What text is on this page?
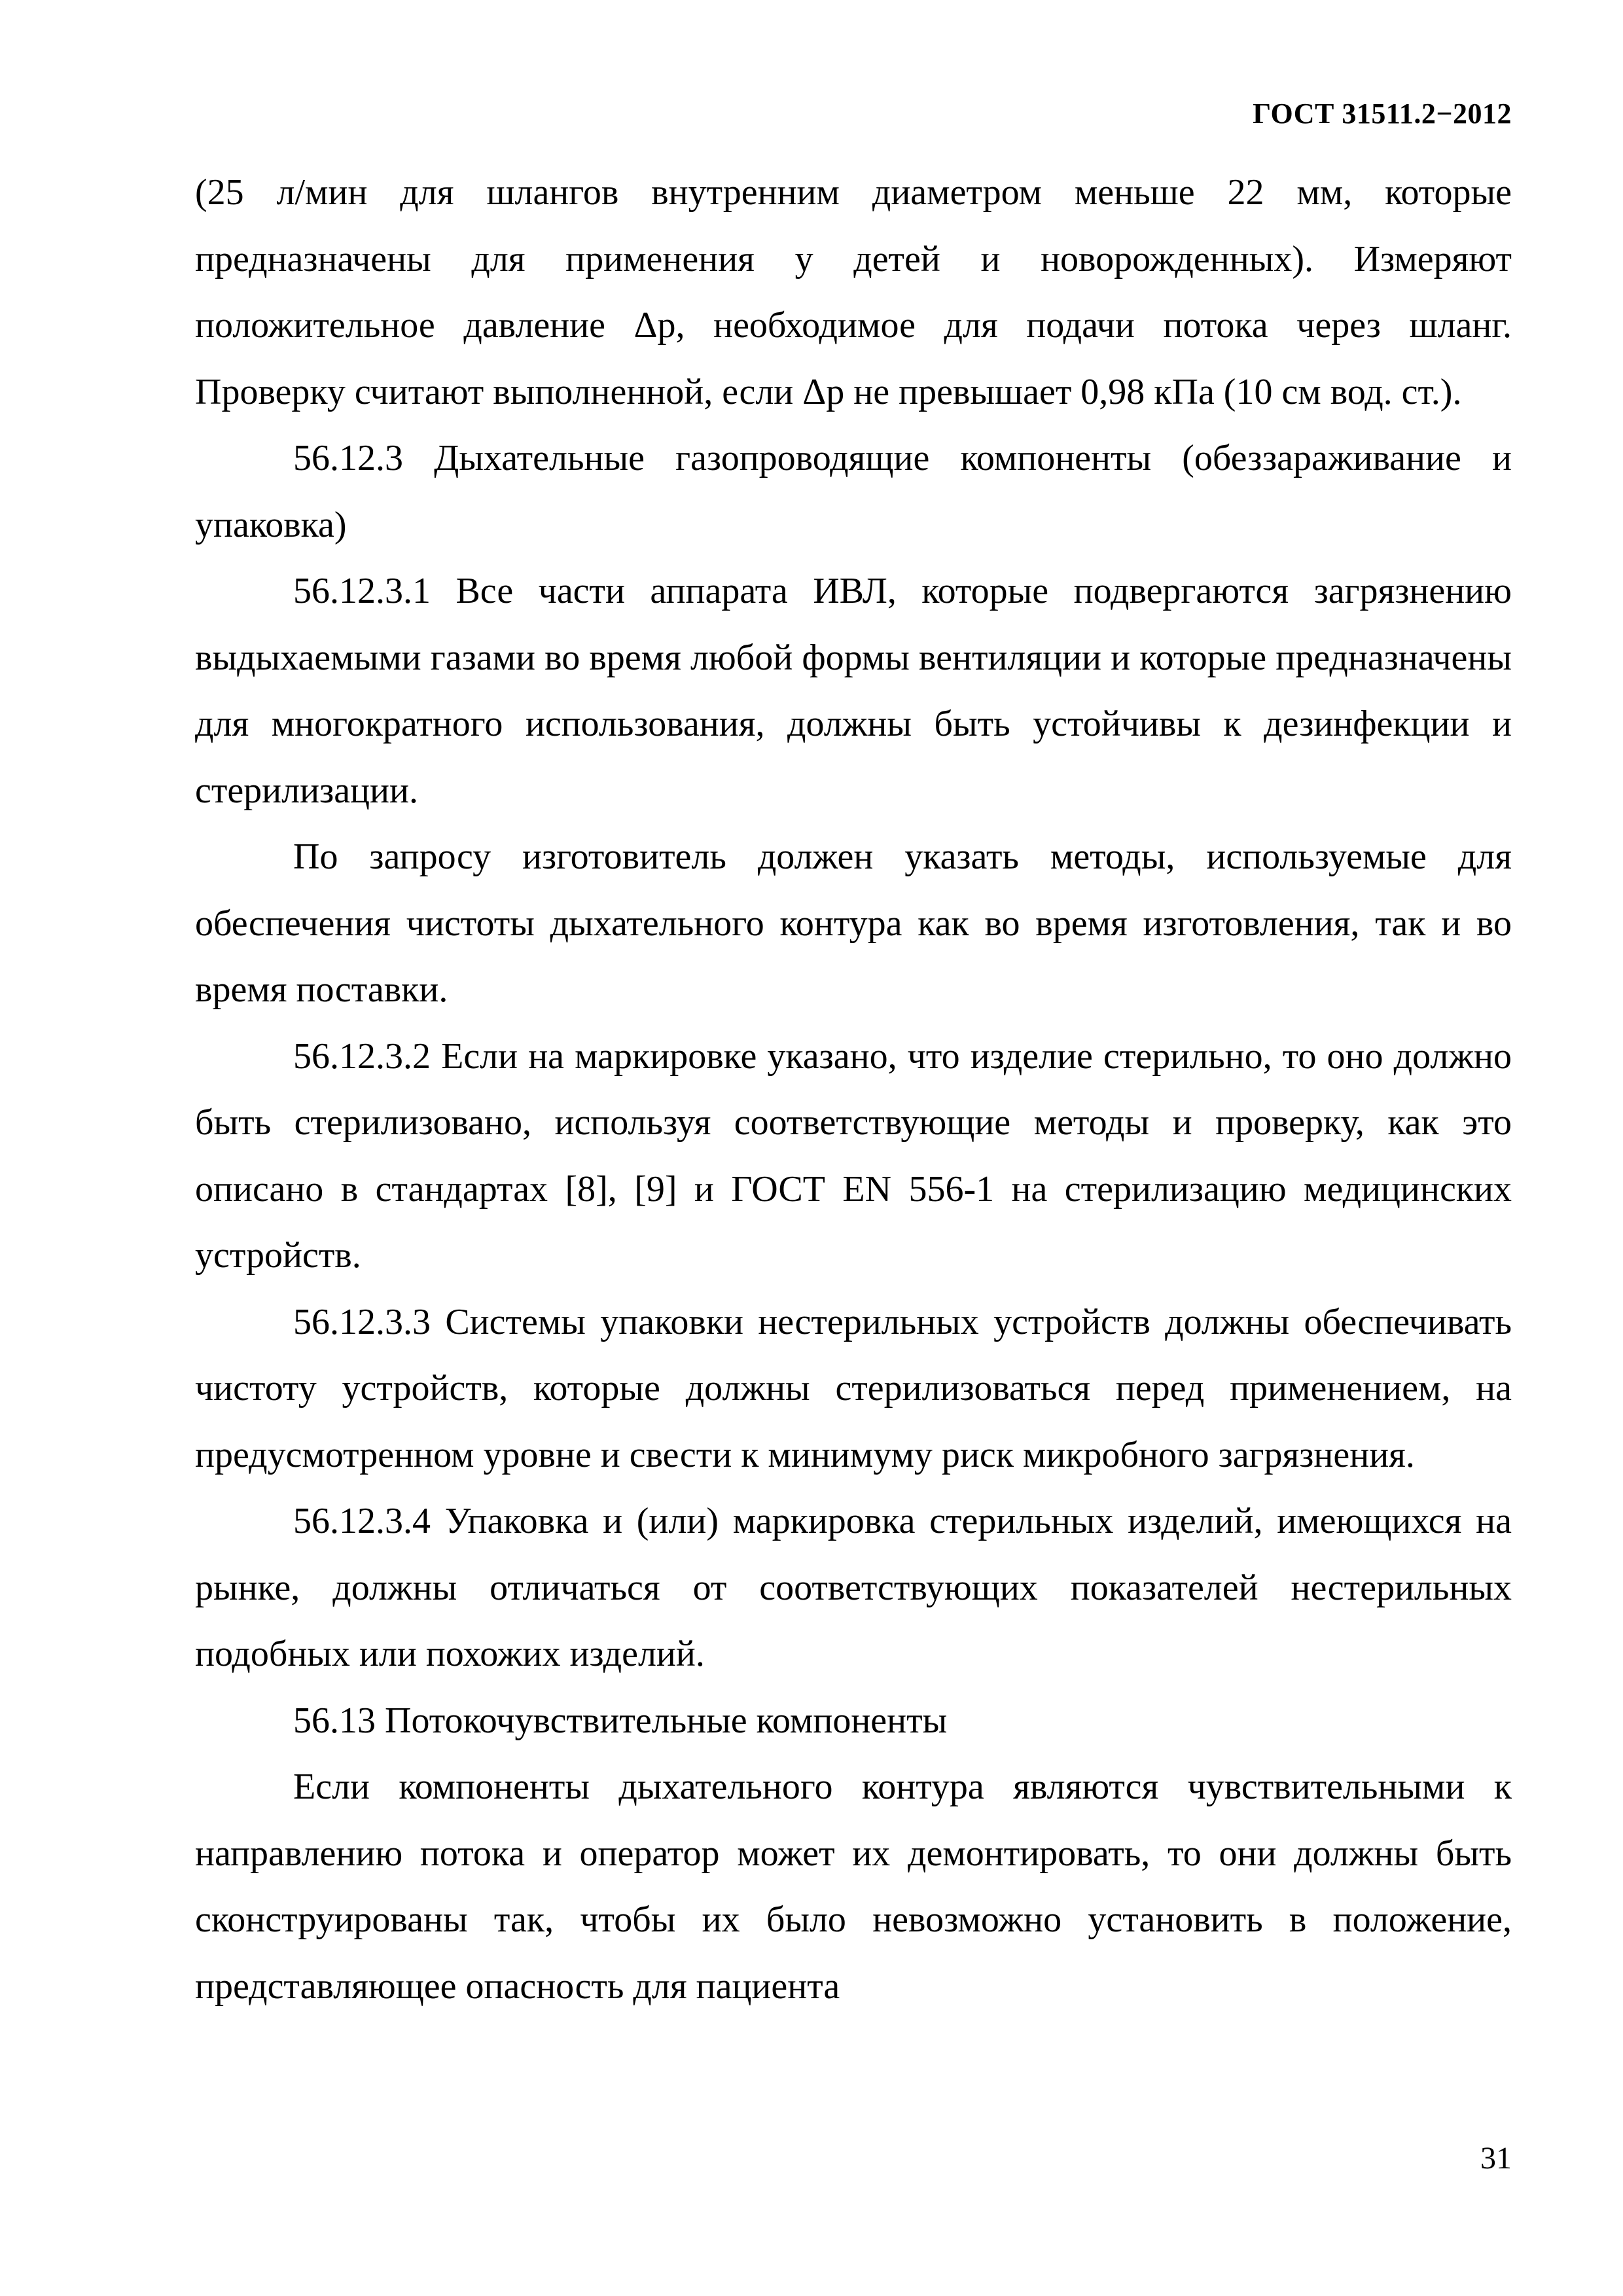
ГОСТ 31511.2−2012

(25 л/мин для шлангов внутренним диаметром меньше 22 мм, которые предназначены для применения у детей и новорожденных). Измеряют положительное давление Δp, необходимое для подачи потока через шланг. Проверку считают выполненной, если Δp не превышает 0,98 кПа (10 см вод. ст.).

56.12.3 Дыхательные газопроводящие компоненты (обеззараживание и упаковка)

56.12.3.1 Все части аппарата ИВЛ, которые подвергаются загрязнению выдыхаемыми газами во время любой формы вентиляции и которые предназначены для многократного использования, должны быть устойчивы к дезинфекции и стерилизации.

По запросу изготовитель должен указать методы, используемые для обеспечения чистоты дыхательного контура как во время изготовления, так и во время поставки.

56.12.3.2 Если на маркировке указано, что изделие стерильно, то оно должно быть стерилизовано, используя соответствующие методы и проверку, как это описано в стандартах [8], [9] и ГОСТ EN 556-1 на стерилизацию медицинских устройств.

56.12.3.3 Системы упаковки нестерильных устройств должны обеспечивать чистоту устройств, которые должны стерилизоваться перед применением, на предусмотренном уровне и свести к минимуму риск микробного загрязнения.

56.12.3.4 Упаковка и (или) маркировка стерильных изделий, имеющихся на рынке, должны отличаться от соответствующих показателей нестерильных подобных или похожих изделий.

56.13 Потокочувствительные компоненты

Если компоненты дыхательного контура являются чувствительными к направлению потока и оператор может их демонтировать, то они должны быть сконструированы так, чтобы их было невозможно установить в положение, представляющее опасность для пациента

31
